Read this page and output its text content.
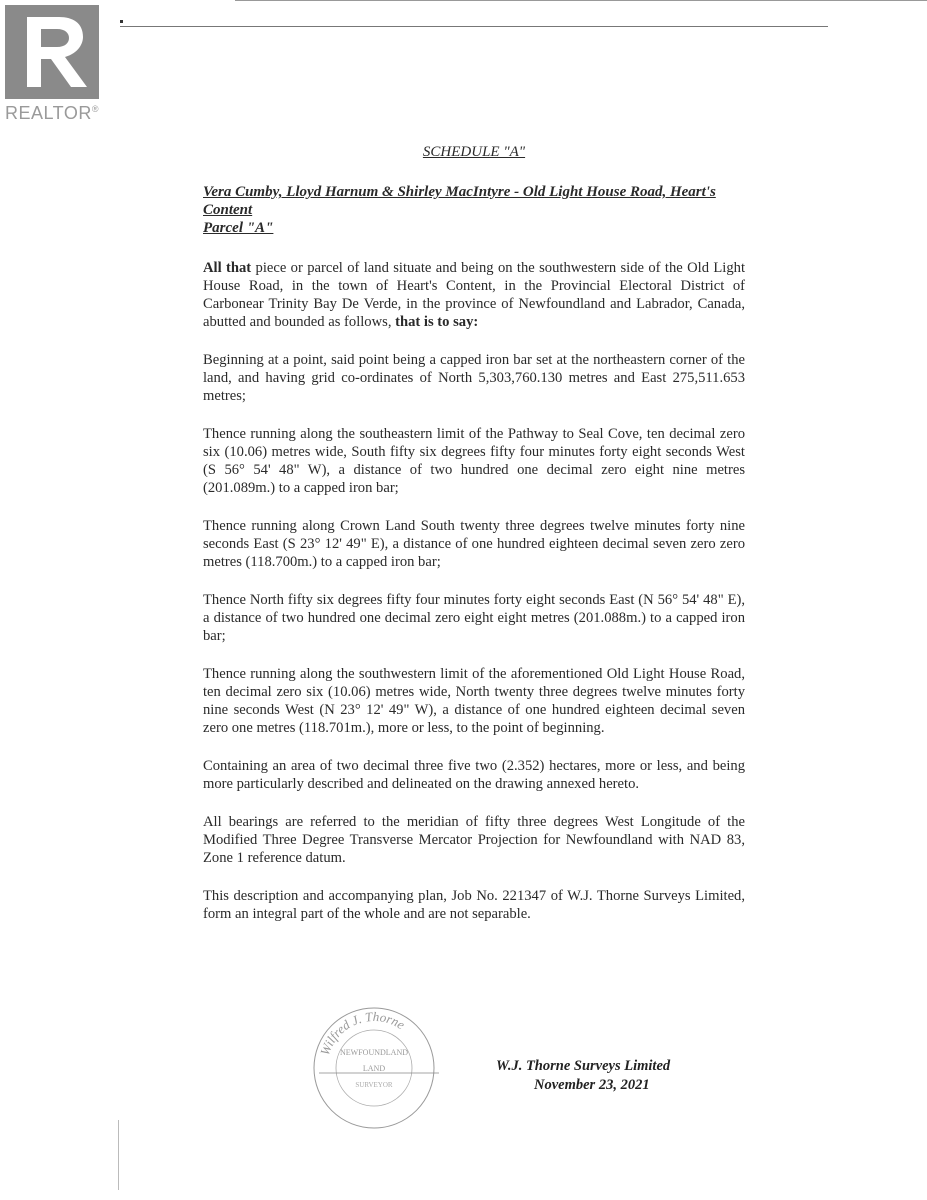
REALTOR®
SCHEDULE "A"
Vera Cumby, Lloyd Harnum & Shirley MacIntyre - Old Light House Road, Heart's
Content
Parcel "A"

All that piece or parcel of land situate and being on the southwestern side of the Old Light House Road, in the town of Heart's Content, in the Provincial Electoral District of Carbonear Trinity Bay De Verde, in the province of Newfoundland and Labrador, Canada, abutted and bounded as follows, that is to say:

Beginning at a point, said point being a capped iron bar set at the northeastern corner of the land, and having grid co-ordinates of North 5,303,760.130 metres and East 275,511.653 metres;

Thence running along the southeastern limit of the Pathway to Seal Cove, ten decimal zero six (10.06) metres wide, South fifty six degrees fifty four minutes forty eight seconds West (S 56° 54' 48" W), a distance of two hundred one decimal zero eight nine metres (201.089m.) to a capped iron bar;

Thence running along Crown Land South twenty three degrees twelve minutes forty nine seconds East (S 23° 12' 49" E), a distance of one hundred eighteen decimal seven zero zero metres (118.700m.) to a capped iron bar;

Thence North fifty six degrees fifty four minutes forty eight seconds East (N 56° 54' 48" E), a distance of two hundred one decimal zero eight eight metres (201.088m.) to a capped iron bar;

Thence running along the southwestern limit of the aforementioned Old Light House Road, ten decimal zero six (10.06) metres wide, North twenty three degrees twelve minutes forty nine seconds West (N 23° 12' 49" W), a distance of one hundred eighteen decimal seven zero one metres (118.701m.), more or less, to the point of beginning.

Containing an area of two decimal three five two (2.352) hectares, more or less, and being more particularly described and delineated on the drawing annexed hereto.

All bearings are referred to the meridian of fifty three degrees West Longitude of the Modified Three Degree Transverse Mercator Projection for Newfoundland with NAD 83, Zone 1 reference datum.

This description and accompanying plan, Job No. 221347 of W.J. Thorne Surveys Limited, form an integral part of the whole and are not separable.

Wilfred J. Thorne
NEWFOUNDLAND
LAND
SURVEYOR
W.J. Thorne Surveys Limited
November 23, 2021
